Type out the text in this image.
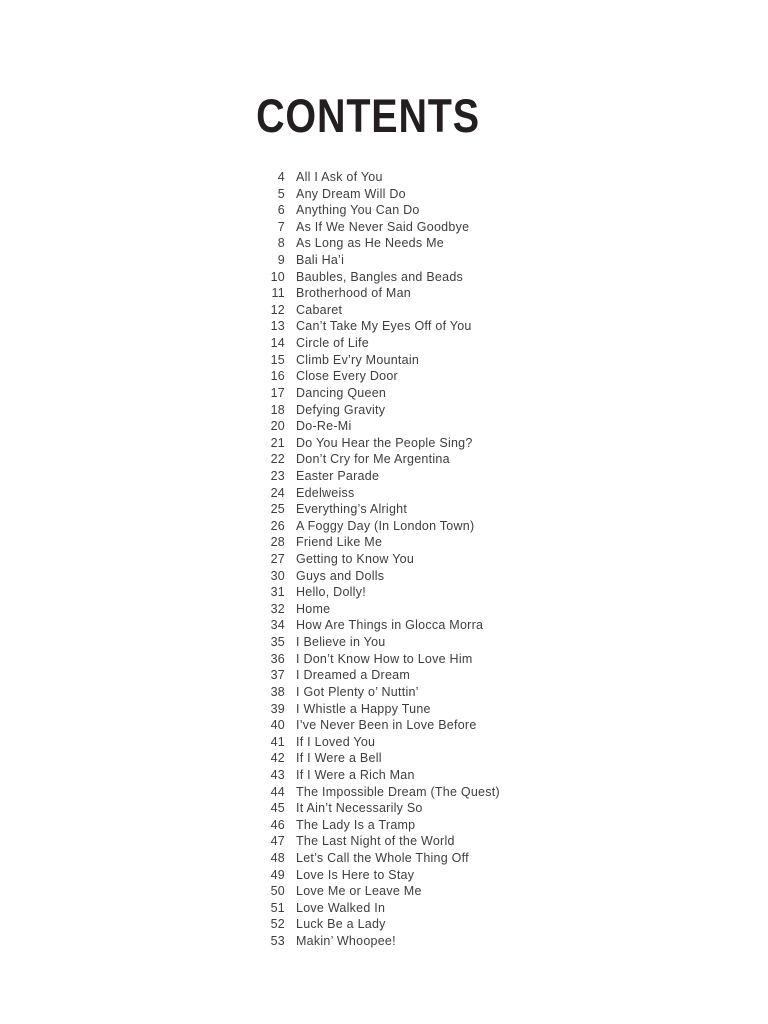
CONTENTS
4 All I Ask of You
5 Any Dream Will Do
6 Anything You Can Do
7 As If We Never Said Goodbye
8 As Long as He Needs Me
9 Bali Ha’i
10 Baubles, Bangles and Beads
11 Brotherhood of Man
12 Cabaret
13 Can’t Take My Eyes Off of You
14 Circle of Life
15 Climb Ev’ry Mountain
16 Close Every Door
17 Dancing Queen
18 Defying Gravity
20 Do-Re-Mi
21 Do You Hear the People Sing?
22 Don’t Cry for Me Argentina
23 Easter Parade
24 Edelweiss
25 Everything’s Alright
26 A Foggy Day (In London Town)
28 Friend Like Me
27 Getting to Know You
30 Guys and Dolls
31 Hello, Dolly!
32 Home
34 How Are Things in Glocca Morra
35 I Believe in You
36 I Don’t Know How to Love Him
37 I Dreamed a Dream
38 I Got Plenty o’ Nuttin’
39 I Whistle a Happy Tune
40 I’ve Never Been in Love Before
41 If I Loved You
42 If I Were a Bell
43 If I Were a Rich Man
44 The Impossible Dream (The Quest)
45 It Ain’t Necessarily So
46 The Lady Is a Tramp
47 The Last Night of the World
48 Let’s Call the Whole Thing Off
49 Love Is Here to Stay
50 Love Me or Leave Me
51 Love Walked In
52 Luck Be a Lady
53 Makin’ Whoopee!
